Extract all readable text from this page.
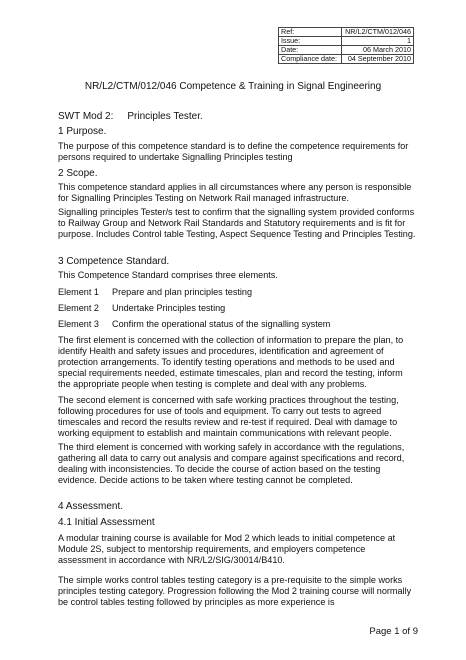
Ref:	NR/L2/CTM/012/046
Issue:	1
Date:	06 March 2010
Compliance date:	04 September 2010
NR/L2/CTM/012/046 Competence & Training in Signal Engineering
SWT Mod 2: Principles Tester.
1 Purpose.

The purpose of this competence standard is to define the competence requirements for persons required to undertake Signalling Principles testing

2 Scope.

This competence standard applies in all circumstances where any person is responsible for Signalling Principles Testing on Network Rail managed infrastructure.

Signalling principles Tester/s test to confirm that the signalling system provided conforms to Railway Group and Network Rail Standards and Statutory requirements and is fit for purpose. Includes Control table Testing, Aspect Sequence Testing and Principles Testing.

3 Competence Standard.

This Competence Standard comprises three elements.

Element 1 Prepare and plan principles testing
Element 2 Undertake Principles testing
Element 3 Confirm the operational status of the signalling system

The first element is concerned with the collection of information to prepare the plan, to identify Health and safety issues and procedures, identification and agreement of protection arrangements. To identify testing operations and methods to be used and special requirements needed, estimate timescales, plan and record the testing, inform the appropriate people when testing is complete and deal with any problems.

The second element is concerned with safe working practices throughout the testing, following procedures for use of tools and equipment. To carry out tests to agreed timescales and record the results review and re-test if required. Deal with damage to working equipment to establish and maintain communications with relevant people.

The third element is concerned with working safely in accordance with the regulations, gathering all data to carry out analysis and compare against specifications and record, dealing with inconsistencies. To decide the course of action based on the testing evidence. Decide actions to be taken where testing cannot be completed.

4 Assessment.
4.1 Initial Assessment

A modular training course is available for Mod 2 which leads to initial competence at Module 2S, subject to mentorship requirements, and employers competence assessment in accordance with NR/L2/SIG/30014/B410.

The simple works control tables testing category is a pre-requisite to the simple works principles testing category. Progression following the Mod 2 training course will normally be control tables testing followed by principles as more experience is

Page 1 of 9
